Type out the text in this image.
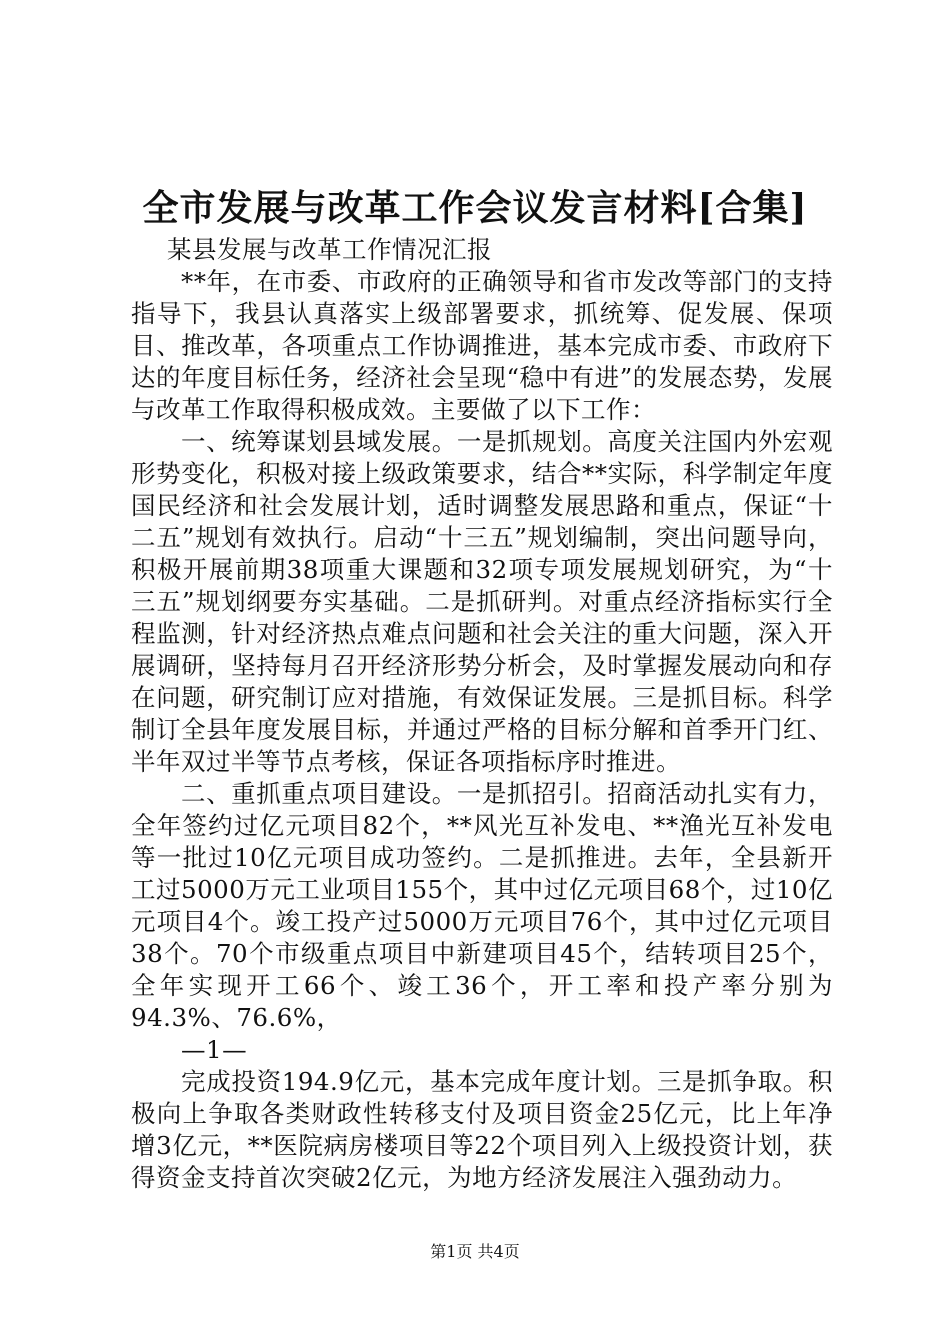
全市发展与改革工作会议发言材料[合集]

某县发展与改革工作情况汇报

**年，在市委、市政府的正确领导和省市发改等部门的支持指导下，我县认真落实上级部署要求，抓统筹、促发展、保项目、推改革，各项重点工作协调推进，基本完成市委、市政府下达的年度目标任务，经济社会呈现“稳中有进”的发展态势，发展与改革工作取得积极成效。主要做了以下工作：

一、统筹谋划县域发展。一是抓规划。高度关注国内外宏观形势变化，积极对接上级政策要求，结合**实际，科学制定年度国民经济和社会发展计划，适时调整发展思路和重点，保证“十二五”规划有效执行。启动“十三五”规划编制，突出问题导向，积极开展前期38项重大课题和32项专项发展规划研究，为“十三五”规划纲要夯实基础。二是抓研判。对重点经济指标实行全程监测，针对经济热点难点问题和社会关注的重大问题，深入开展调研，坚持每月召开经济形势分析会，及时掌握发展动向和存在问题，研究制订应对措施，有效保证发展。三是抓目标。科学制订全县年度发展目标，并通过严格的目标分解和首季开门红、半年双过半等节点考核，保证各项指标序时推进。

二、重抓重点项目建设。一是抓招引。招商活动扎实有力，全年签约过亿元项目82个，**风光互补发电、**渔光互补发电等一批过10亿元项目成功签约。二是抓推进。去年，全县新开工过5000万元工业项目155个，其中过亿元项目68个，过10亿元项目4个。竣工投产过5000万元项目76个，其中过亿元项目38个。70个市级重点项目中新建项目45个，结转项目25个，全年实现开工66个、竣工36个，开工率和投产率分别为94.3%、76.6%，

—1—

完成投资194.9亿元，基本完成年度计划。三是抓争取。积极向上争取各类财政性转移支付及项目资金25亿元，比上年净增3亿元，**医院病房楼项目等22个项目列入上级投资计划，获得资金支持首次突破2亿元，为地方经济发展注入强劲动力。

第1页 共4页
